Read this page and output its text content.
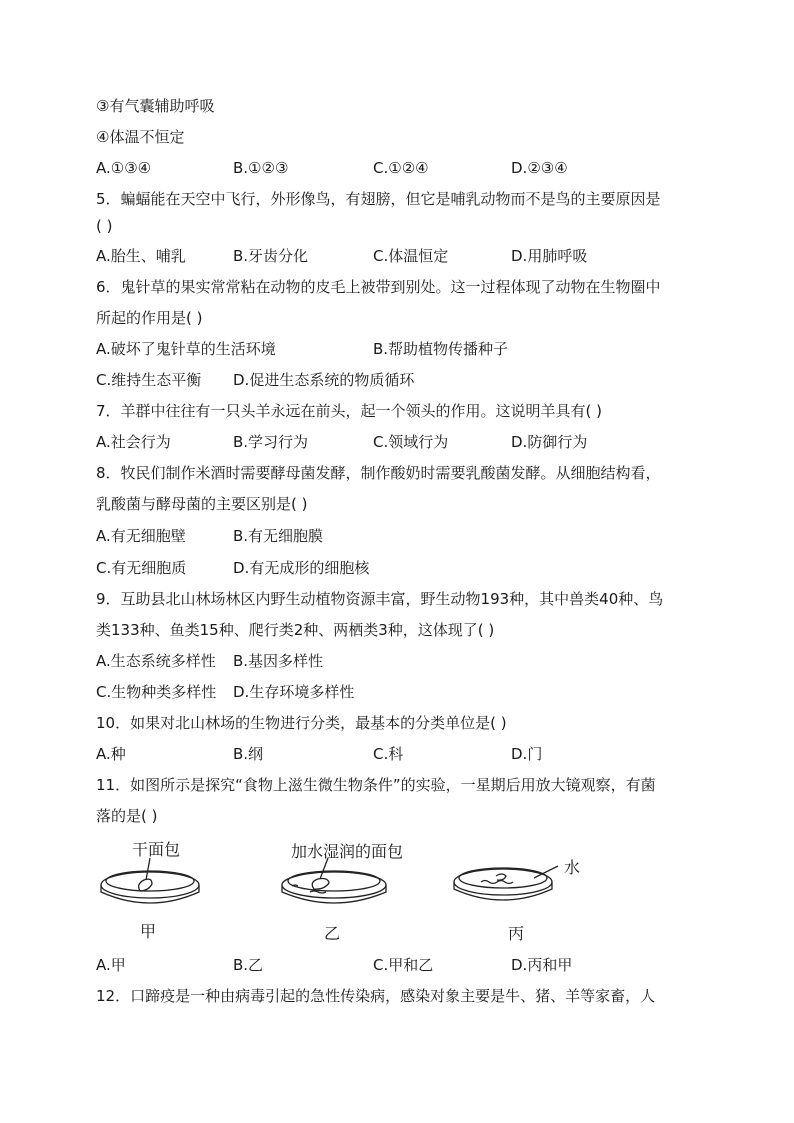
③有气囊辅助呼吸
④体温不恒定
A.①③④	B.①②③	C.①②④	D.②③④
5．蝙蝠能在天空中飞行，外形像鸟，有翅膀，但它是哺乳动物而不是鸟的主要原因是
( )
A.胎生、哺乳	B.牙齿分化	C.体温恒定	D.用肺呼吸
6．鬼针草的果实常常粘在动物的皮毛上被带到别处。这一过程体现了动物在生物圈中
所起的作用是( )
A.破坏了鬼针草的生活环境	B.帮助植物传播种子
C.维持生态平衡 D.促进生态系统的物质循环
7．羊群中往往有一只头羊永远在前头，起一个领头的作用。这说明羊具有( )
A.社会行为	B.学习行为	C.领域行为	D.防御行为
8．牧民们制作米酒时需要酵母菌发酵，制作酸奶时需要乳酸菌发酵。从细胞结构看，
乳酸菌与酵母菌的主要区别是( )
A.有无细胞壁	B.有无细胞膜
C.有无细胞质	D.有无成形的细胞核
9．互助县北山林场林区内野生动植物资源丰富，野生动物193种，其中兽类40种、鸟
类133种、鱼类15种、爬行类2种、两栖类3种，这体现了( )
A.生态系统多样性 B.基因多样性
C.生物种类多样性 D.生存环境多样性
10．如果对北山林场的生物进行分类，最基本的分类单位是( )
A.种	B.纲	C.科	D.门
11．如图所示是探究“食物上滋生微生物条件”的实验，一星期后用放大镜观察，有菌
落的是( )
干面包	加水湿润的面包
水
甲	乙	丙
A.甲	B.乙	C.甲和乙	D.丙和甲
12．口蹄疫是一种由病毒引起的急性传染病，感染对象主要是牛、猪、羊等家畜，人
